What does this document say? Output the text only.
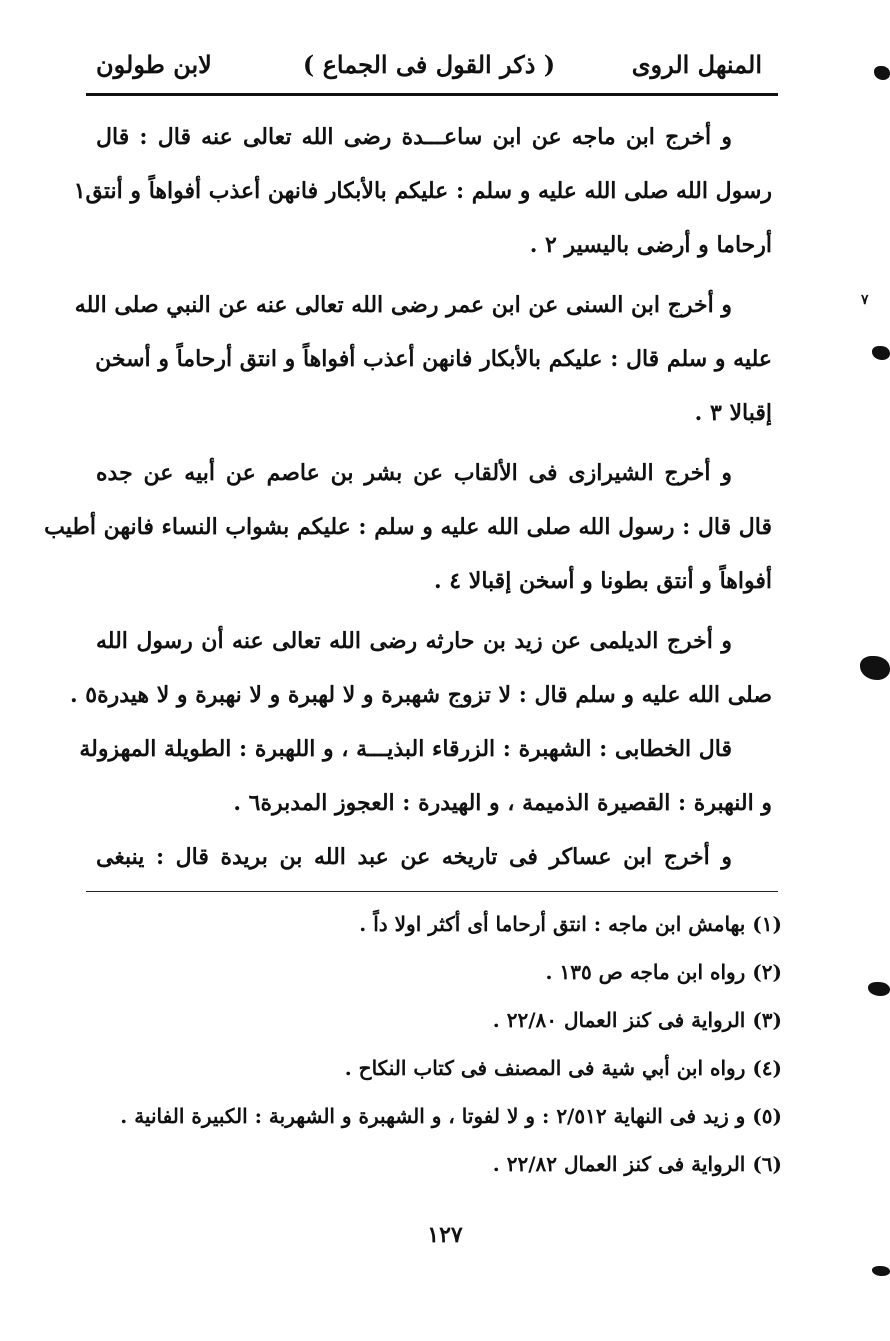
المنهل الروى
( ذكر القول فى الجماع )
لابن طولون
و أخرج ابن ماجه عن ابن ساعـــدة رضى الله تعالى عنه قال : قال
رسول الله صلى الله عليه و سلم : عليكم بالأبكار فانهن أعذب أفواهاً و أنتق١
أرحاما و أرضى باليسير ٢ .
و أخرج ابن السنى عن ابن عمر رضى الله تعالى عنه عن النبي صلى الله
عليه و سلم قال : عليكم بالأبكار فانهن أعذب أفواهاً و انتق أرحاماً و أسخن
إقبالا ٣ .
و أخرج الشيرازى فى الألقاب عن بشر بن عاصم عن أبيه عن جده
قال قال : رسول الله صلى الله عليه و سلم : عليكم بشواب النساء فانهن أطيب
أفواهاً و أنتق بطونا و أسخن إقبالا ٤ .
و أخرج الديلمى عن زيد بن حارثه رضى الله تعالى عنه أن رسول الله
صلى الله عليه و سلم قال : لا تزوج شهبرة و لا لهبرة و لا نهبرة و لا هيدرة٥ .
قال الخطابى : الشهبرة : الزرقاء البذيـــة ، و اللهبرة : الطويلة المهزولة
و النهبرة : القصيرة الذميمة ، و الهيدرة : العجوز المدبرة٦ .
و أخرج ابن عساكر فى تاريخه عن عبد الله بن بريدة قال : ينبغى
(١) بهامش ابن ماجه : انتق أرحاما أى أكثر اولا داً .
(٢) رواه ابن ماجه ص ١٣٥ .
(٣) الرواية فى كنز العمال ٢٢/٨٠ .
(٤) رواه ابن أبي شية فى المصنف فى كتاب النكاح .
(٥) و زيد فى النهاية ٢/٥١٢ : و لا لفوتا ، و الشهبرة و الشهربة : الكبيرة الفانية .
(٦) الرواية فى كنز العمال ٢٢/٨٢ .
١٢٧
٧
